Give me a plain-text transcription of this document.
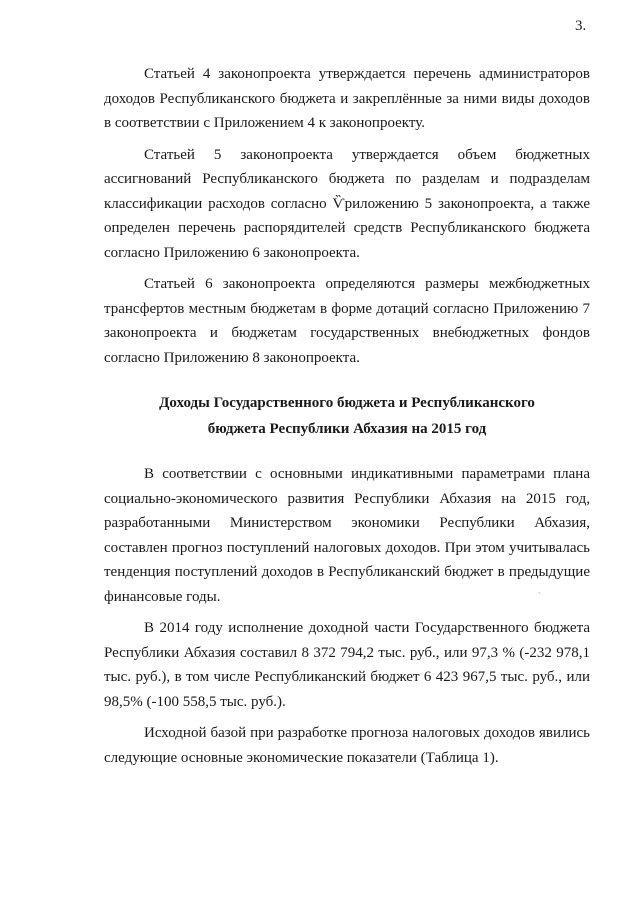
3.

Статьей 4 законопроекта утверждается перечень администраторов доходов Республиканского бюджета и закреплённые за ними виды доходов в соответствии с Приложением 4 к законопроекту.

Статьей 5 законопроекта утверждается объем бюджетных ассигнований Республиканского бюджета по разделам и подразделам классификации расходов согласно Ѷриложению 5 законопроекта, а также определен перечень распорядителей средств Республиканского бюджета согласно Приложению 6 законопроекта.

Статьей 6 законопроекта определяются размеры межбюджетных трансфертов местным бюджетам в форме дотаций согласно Приложению 7 законопроекта и бюджетам государственных внебюджетных фондов согласно Приложению 8 законопроекта.

Доходы Государственного бюджета и Республиканского

бюджета Республики Абхазия на 2015 год

В соответствии с основными индикативными параметрами плана социально-экономического развития Республики Абхазия на 2015 год, разработанными Министерством экономики Республики Абхазия, составлен прогноз поступлений налоговых доходов. При этом учитывалась тенденция поступлений доходов в Республиканский бюджет в предыдущие финансовые годы.

В 2014 году исполнение доходной части Государственного бюджета Республики Абхазия составил 8 372 794,2 тыс. руб., или 97,3 % (-232 978,1 тыс. руб.), в том числе Республиканский бюджет 6 423 967,5 тыс. руб., или 98,5% (-100 558,5 тыс. руб.).

Исходной базой при разработке прогноза налоговых доходов явились следующие основные экономические показатели (Таблица 1).

`
